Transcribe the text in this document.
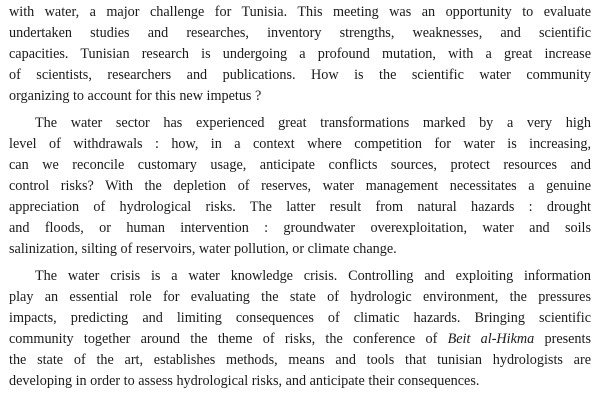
with water, a major challenge for Tunisia. This meeting was an opportunity to evaluate
undertaken studies and researches, inventory strengths, weaknesses, and scientific
capacities. Tunisian research is undergoing a profound mutation, with a great increase
of scientists, researchers and publications. How is the scientific water community
organizing to account for this new impetus ?

The water sector has experienced great transformations marked by a very high
level of withdrawals : how, in a context where competition for water is increasing,
can we reconcile customary usage, anticipate conflicts sources, protect resources and
control risks? With the depletion of reserves, water management necessitates a genuine
appreciation of hydrological risks. The latter result from natural hazards : drought
and floods, or human intervention : groundwater overexploitation, water and soils
salinization, silting of reservoirs, water pollution, or climate change.

The water crisis is a water knowledge crisis. Controlling and exploiting information
play an essential role for evaluating the state of hydrologic environment, the pressures
impacts, predicting and limiting consequences of climatic hazards. Bringing scientific
community together around the theme of risks, the conference of Beit al-Hikma presents
the state of the art, establishes methods, means and tools that tunisian hydrologists are
developing in order to assess hydrological risks, and anticipate their consequences.
